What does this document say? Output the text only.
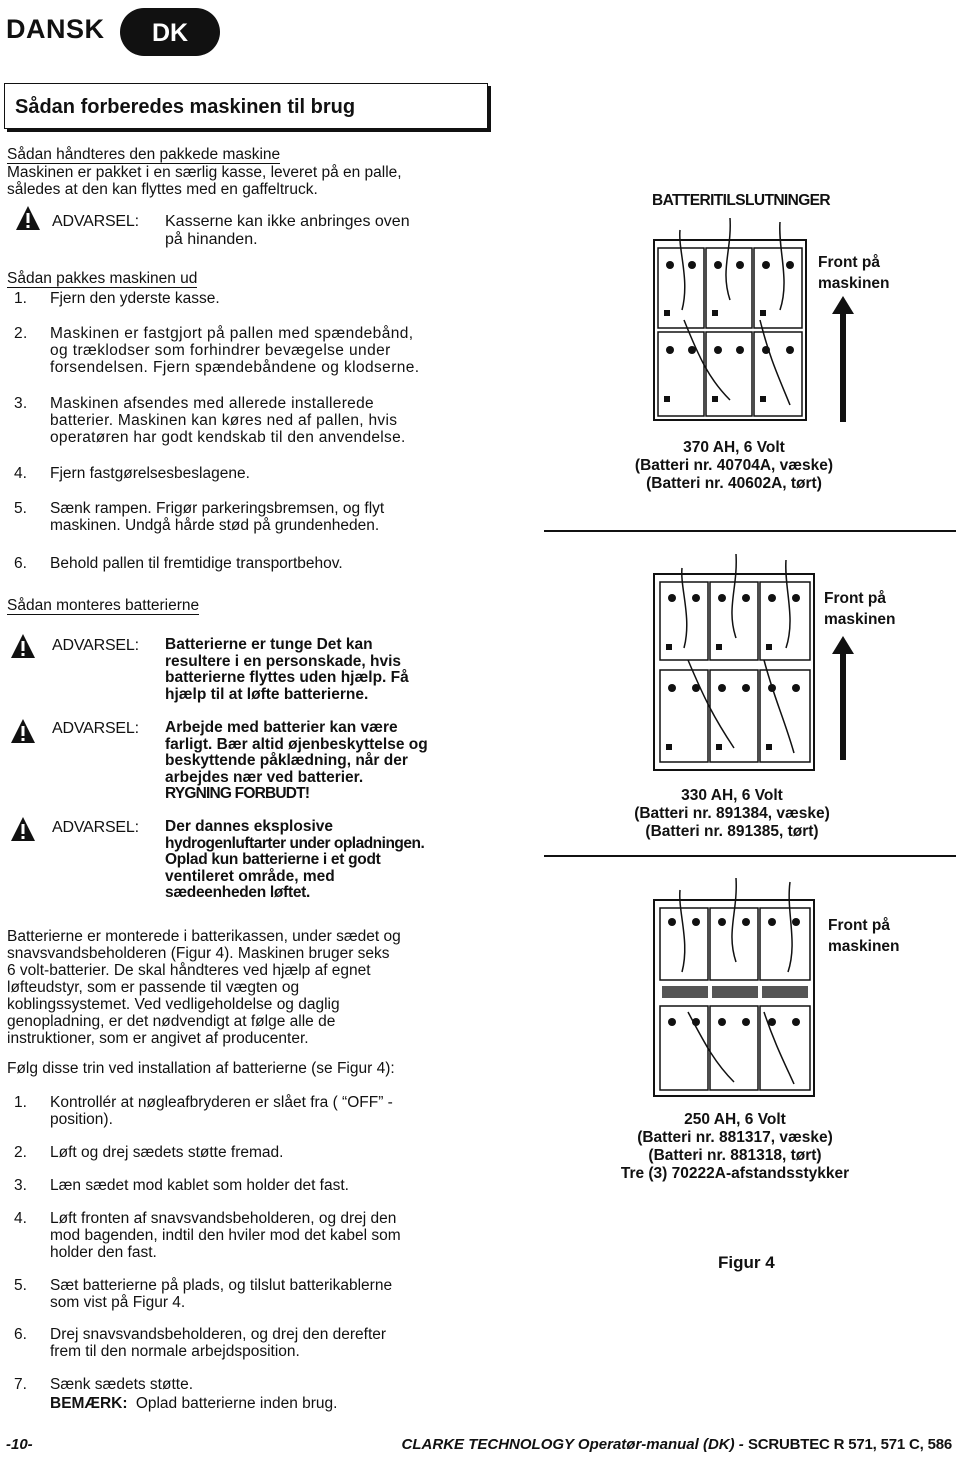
DANSK	DK
Sådan forberedes maskinen til brug
Sådan håndteres den pakkede maskine
Maskinen er pakket i en særlig kasse, leveret på en palle,
således at den kan flyttes med en gaffeltruck.
ADVARSEL: Kasserne kan ikke anbringes oven
på hinanden.
Sådan pakkes maskinen ud
1.	Fjern den yderste kasse.
2.	Maskinen er fastgjort på pallen med spændebånd,
og træklodser som forhindrer bevægelse under
forsendelsen. Fjern spændebåndene og klodserne.
3.	Maskinen afsendes med allerede installerede
batterier. Maskinen kan køres ned af pallen, hvis
operatøren har godt kendskab til den anvendelse.
4.	Fjern fastgørelsesbeslagene.
5.	Sænk rampen. Frigør parkeringsbremsen, og flyt
maskinen. Undgå hårde stød på grundenheden.
6.	Behold pallen til fremtidige transportbehov.
Sådan monteres batterierne
ADVARSEL: Batterierne er tunge Det kan
resultere i en personskade, hvis
batterierne flyttes uden hjælp. Få
hjælp til at løfte batterierne.
ADVARSEL: Arbejde med batterier kan være
farligt. Bær altid øjenbeskyttelse og
beskyttende påklædning, når der
arbejdes nær ved batterier.
RYGNING FORBUDT!
ADVARSEL: Der dannes eksplosive
hydrogenluftarter under opladningen.
Oplad kun batterierne i et godt
ventileret område, med
sædeenheden løftet.
Batterierne er monterede i batterikassen, under sædet og
snavsvandsbeholderen (Figur 4). Maskinen bruger seks
6 volt-batterier. De skal håndteres ved hjælp af egnet
løfteudstyr, som er passende til vægten og
koblingssystemet. Ved vedligeholdelse og daglig
genopladning, er det nødvendigt at følge alle de
instruktioner, som er angivet af producenter.
Følg disse trin ved installation af batterierne (se Figur 4):
1.	Kontrollér at nøgleafbryderen er slået fra ( “OFF” -
position).
2.	Løft og drej sædets støtte fremad.
3.	Læn sædet mod kablet som holder det fast.
4.	Løft fronten af snavsvandsbeholderen, og drej den
mod bagenden, indtil den hviler mod det kabel som
holder den fast.
5.	Sæt batterierne på plads, og tilslut batterikablerne
som vist på Figur 4.
6.	Drej snavsvandsbeholderen, og drej den derefter
frem til den normale arbejdsposition.
7.	Sænk sædets støtte.
BEMÆRK: Oplad batterierne inden brug.
BATTERITILSLUTNINGER
Front på
maskinen
370 AH, 6 Volt
(Batteri nr. 40704A, væske)
(Batteri nr. 40602A, tørt)
Front på
maskinen
330 AH, 6 Volt
(Batteri nr. 891384, væske)
(Batteri nr. 891385, tørt)
Front på
maskinen
250 AH, 6 Volt
(Batteri nr. 881317, væske)
(Batteri nr. 881318, tørt)
Tre (3) 70222A-afstandsstykker
Figur 4
-10-	CLARKE TECHNOLOGY Operatør-manual (DK) - SCRUBTEC R 571, 571 C, 586
